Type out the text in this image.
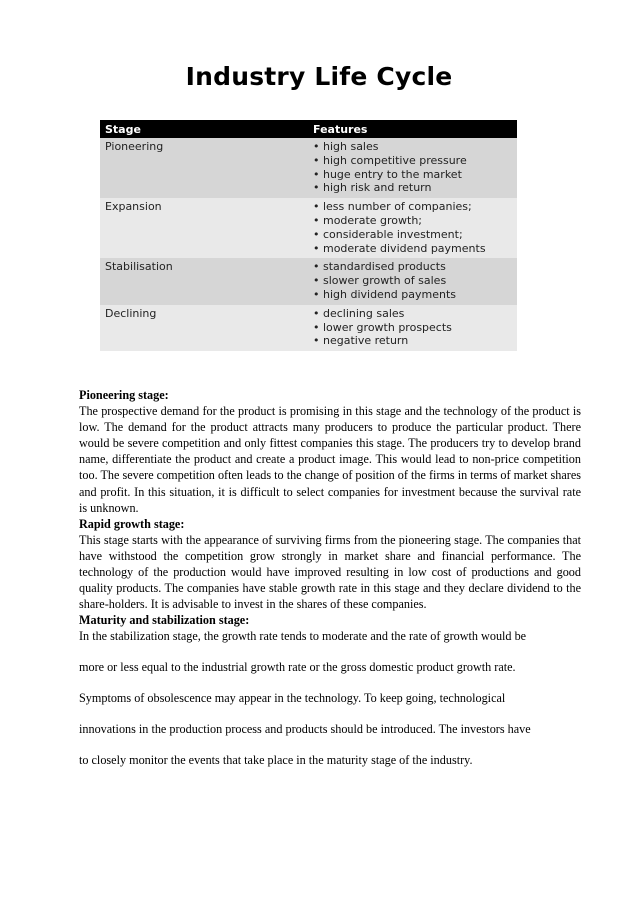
Industry Life Cycle
Stage	Features
Pioneering	• high sales
• high competitive pressure
• huge entry to the market
• high risk and return

Expansion	• less number of companies;
• moderate growth;
• considerable investment;
• moderate dividend payments

Stabilisation	• standardised products
• slower growth of sales
• high dividend payments

Declining	• declining sales
• lower growth prospects
• negative return
Pioneering stage:

The prospective demand for the product is promising in this stage and the technology of the product is low. The demand for the product attracts many producers to produce the particular product. There would be severe competition and only fittest companies this stage. The producers try to develop brand name, differentiate the product and create a product image. This would lead to non-price competition too. The severe competition often leads to the change of position of the firms in terms of market shares and profit. In this situation, it is difficult to select companies for investment because the survival rate is unknown.

Rapid growth stage:

This stage starts with the appearance of surviving firms from the pioneering stage. The companies that have withstood the competition grow strongly in market share and financial performance. The technology of the production would have improved resulting in low cost of productions and good quality products. The companies have stable growth rate in this stage and they declare dividend to the share-holders. It is advisable to invest in the shares of these companies.

Maturity and stabilization stage:

In the stabilization stage, the growth rate tends to moderate and the rate of growth would be

more or less equal to the industrial growth rate or the gross domestic product growth rate.

Symptoms of obsolescence may appear in the technology. To keep going, technological

innovations in the production process and products should be introduced. The investors have

to closely monitor the events that take place in the maturity stage of the industry.
